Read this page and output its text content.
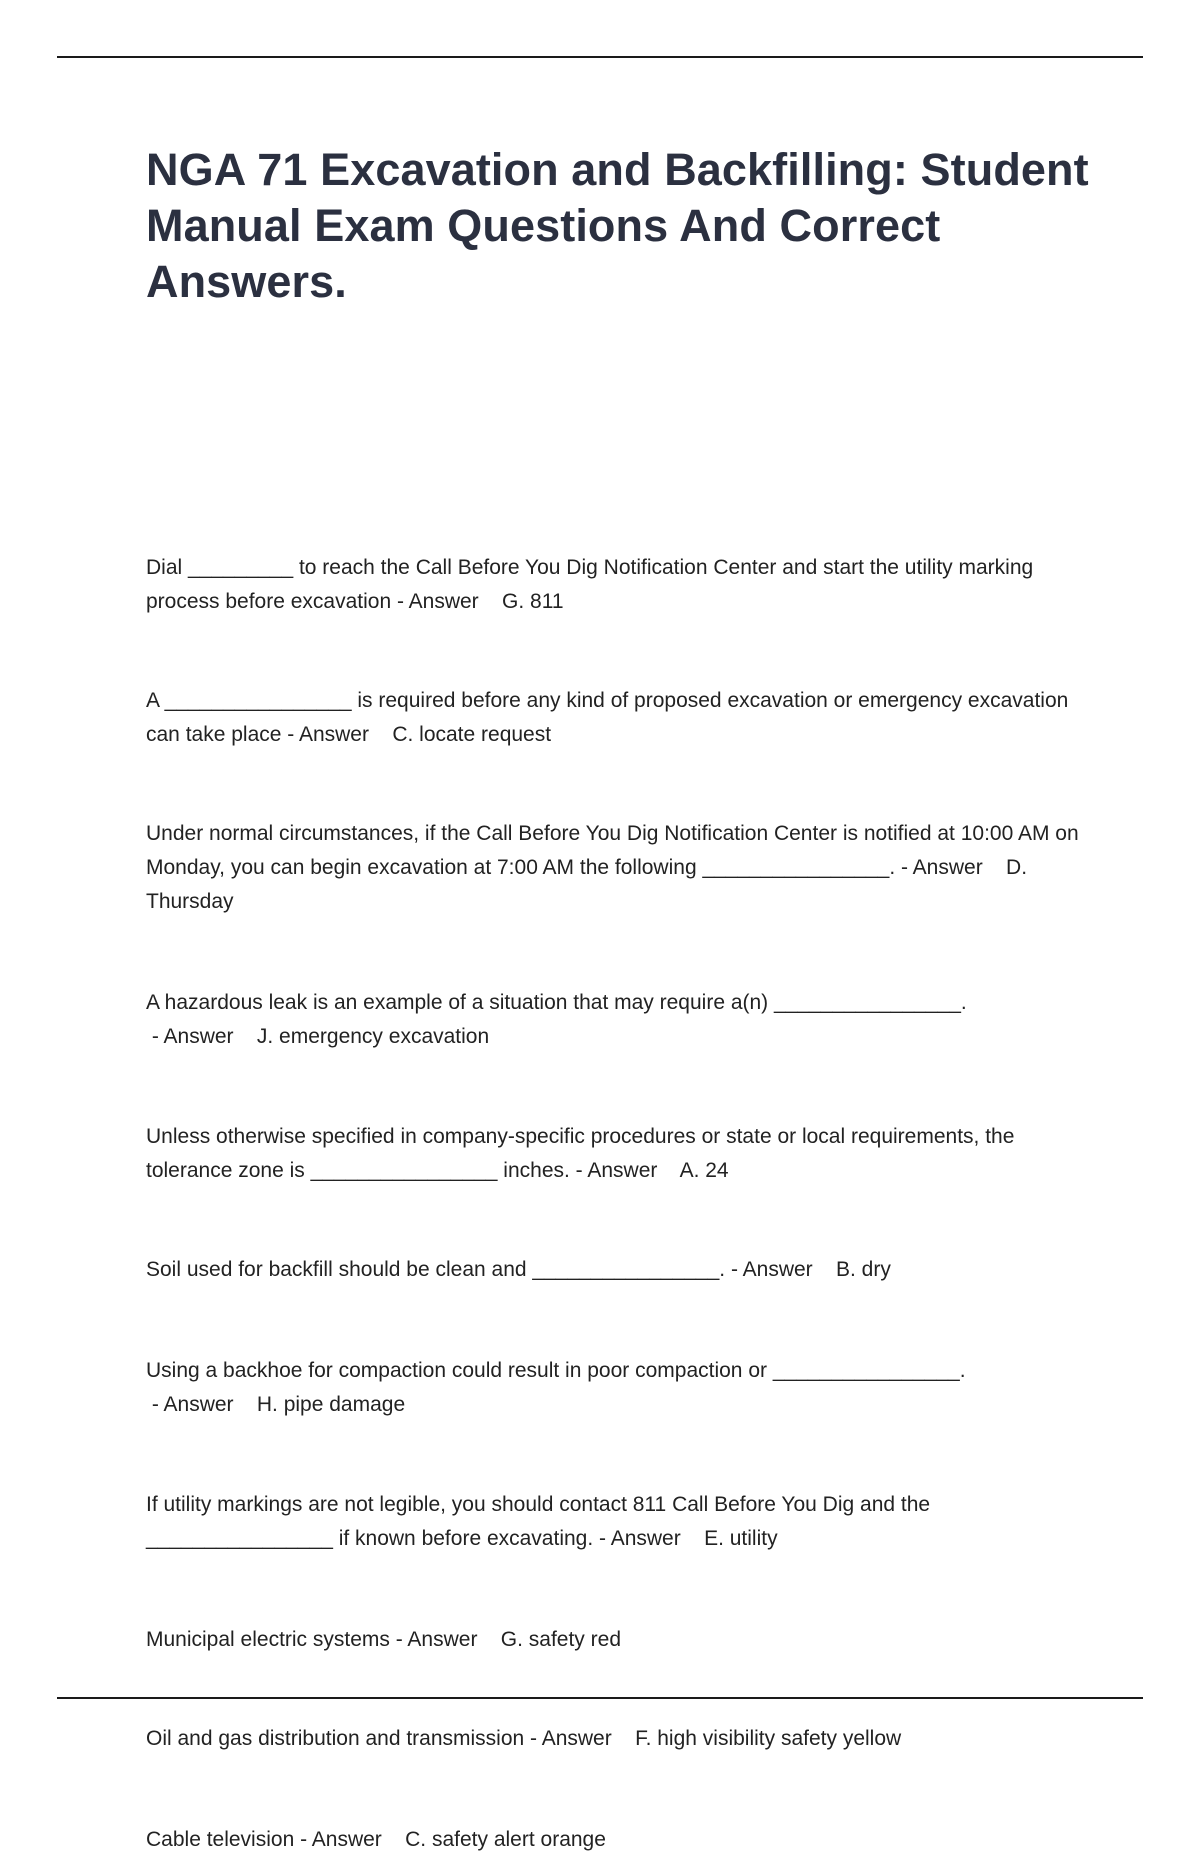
NGA 71 Excavation and Backfilling: Student Manual Exam Questions And Correct Answers.

Dial _________ to reach the Call Before You Dig Notification Center and start the utility marking process before excavation - Answer    G. 811

A ________________ is required before any kind of proposed excavation or emergency excavation can take place - Answer    C. locate request

Under normal circumstances, if the Call Before You Dig Notification Center is notified at 10:00 AM on Monday, you can begin excavation at 7:00 AM the following ________________. - Answer    D. Thursday

A hazardous leak is an example of a situation that may require a(n) ________________. - Answer    J. emergency excavation

Unless otherwise specified in company-specific procedures or state or local requirements, the tolerance zone is ________________ inches. - Answer    A. 24

Soil used for backfill should be clean and ________________. - Answer    B. dry

Using a backhoe for compaction could result in poor compaction or ________________. - Answer    H. pipe damage

If utility markings are not legible, you should contact 811 Call Before You Dig and the ________________ if known before excavating. - Answer    E. utility

Municipal electric systems - Answer    G. safety red

Oil and gas distribution and transmission - Answer    F. high visibility safety yellow

Cable television - Answer    C. safety alert orange
